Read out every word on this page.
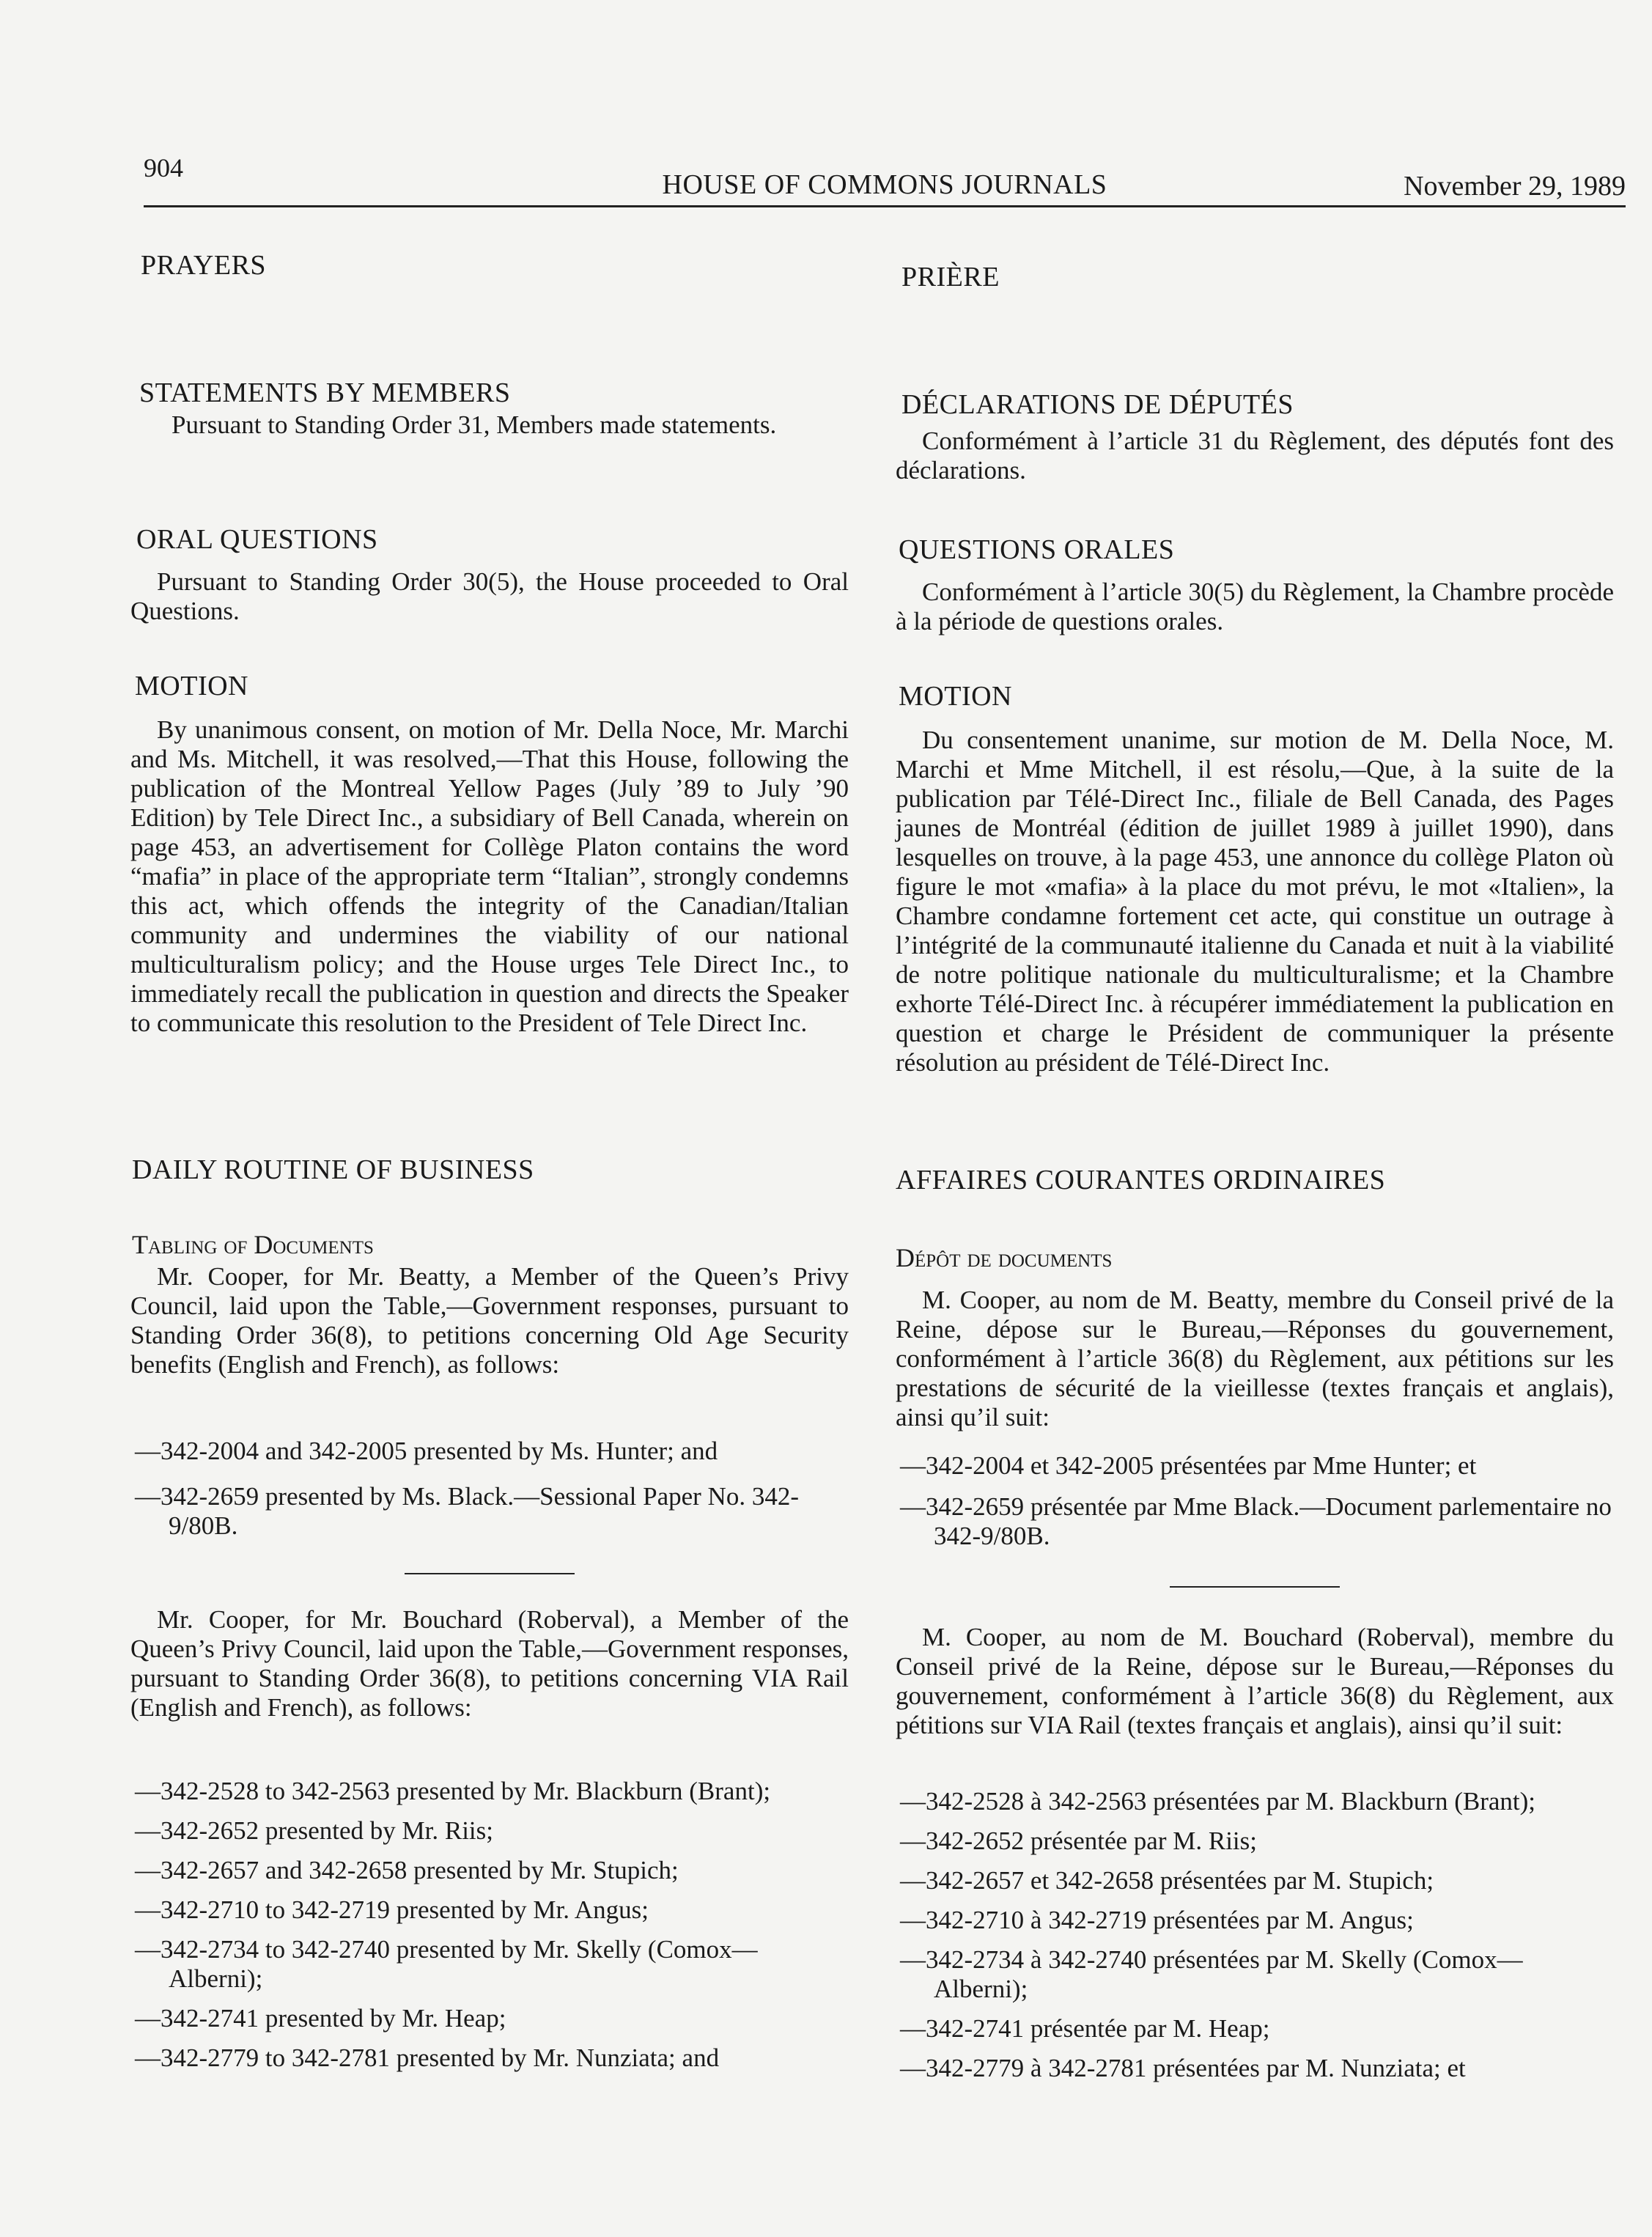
904
HOUSE OF COMMONS JOURNALS	November 29, 1989
PRAYERS
STATEMENTS BY MEMBERS

Pursuant to Standing Order 31, Members made statements.

ORAL QUESTIONS

Pursuant to Standing Order 30(5), the House proceeded to Oral Questions.

MOTION

By unanimous consent, on motion of Mr. Della Noce, Mr. Marchi and Ms. Mitchell, it was resolved,—That this House, following the publication of the Montreal Yellow Pages (July ’89 to July ’90 Edition) by Tele Direct Inc., a subsidiary of Bell Canada, wherein on page 453, an advertisement for Collège Platon contains the word “mafia” in place of the appropriate term “Italian”, strongly condemns this act, which offends the integrity of the Canadian/Italian community and undermines the viability of our national multiculturalism policy; and the House urges Tele Direct Inc., to immediately recall the publication in question and directs the Speaker to communicate this resolution to the President of Tele Direct Inc.

DAILY ROUTINE OF BUSINESS
Tabling of Documents

Mr. Cooper, for Mr. Beatty, a Member of the Queen’s Privy Council, laid upon the Table,—Government responses, pursuant to Standing Order 36(8), to petitions concerning Old Age Security benefits (English and French), as follows:

—342-2004 and 342-2005 presented by Ms. Hunter; and

—342-2659 presented by Ms. Black.—Sessional Paper No. 342-9/80B.

Mr. Cooper, for Mr. Bouchard (Roberval), a Member of the Queen’s Privy Council, laid upon the Table,—Government responses, pursuant to Standing Order 36(8), to petitions concerning VIA Rail (English and French), as follows:

—342-2528 to 342-2563 presented by Mr. Blackburn (Brant);

—342-2652 presented by Mr. Riis;

—342-2657 and 342-2658 presented by Mr. Stupich;

—342-2710 to 342-2719 presented by Mr. Angus;

—342-2734 to 342-2740 presented by Mr. Skelly (Comox—Alberni);

—342-2741 presented by Mr. Heap;

—342-2779 to 342-2781 presented by Mr. Nunziata; and

PRIÈRE
DÉCLARATIONS DE DÉPUTÉS

Conformément à l’article 31 du Règlement, des députés font des déclarations.

QUESTIONS ORALES

Conformément à l’article 30(5) du Règlement, la Chambre procède à la période de questions orales.

MOTION

Du consentement unanime, sur motion de M. Della Noce, M. Marchi et Mme Mitchell, il est résolu,—Que, à la suite de la publication par Télé-Direct Inc., filiale de Bell Canada, des Pages jaunes de Montréal (édition de juillet 1989 à juillet 1990), dans lesquelles on trouve, à la page 453, une annonce du collège Platon où figure le mot «mafia» à la place du mot prévu, le mot «Italien», la Chambre condamne fortement cet acte, qui constitue un outrage à l’intégrité de la communauté italienne du Canada et nuit à la viabilité de notre politique nationale du multiculturalisme; et la Chambre exhorte Télé-Direct Inc. à récupérer immédiatement la publication en question et charge le Président de communiquer la présente résolution au président de Télé-Direct Inc.

AFFAIRES COURANTES ORDINAIRES
Dépôt de documents

M. Cooper, au nom de M. Beatty, membre du Conseil privé de la Reine, dépose sur le Bureau,—Réponses du gouvernement, conformément à l’article 36(8) du Règlement, aux pétitions sur les prestations de sécurité de la vieillesse (textes français et anglais), ainsi qu’il suit:

—342-2004 et 342-2005 présentées par Mme Hunter; et

—342-2659 présentée par Mme Black.—Document parlementaire no 342-9/80B.

M. Cooper, au nom de M. Bouchard (Roberval), membre du Conseil privé de la Reine, dépose sur le Bureau,—Réponses du gouvernement, conformément à l’article 36(8) du Règlement, aux pétitions sur VIA Rail (textes français et anglais), ainsi qu’il suit:

—342-2528 à 342-2563 présentées par M. Blackburn (Brant);

—342-2652 présentée par M. Riis;

—342-2657 et 342-2658 présentées par M. Stupich;

—342-2710 à 342-2719 présentées par M. Angus;

—342-2734 à 342-2740 présentées par M. Skelly (Comox—Alberni);

—342-2741 présentée par M. Heap;

—342-2779 à 342-2781 présentées par M. Nunziata; et
